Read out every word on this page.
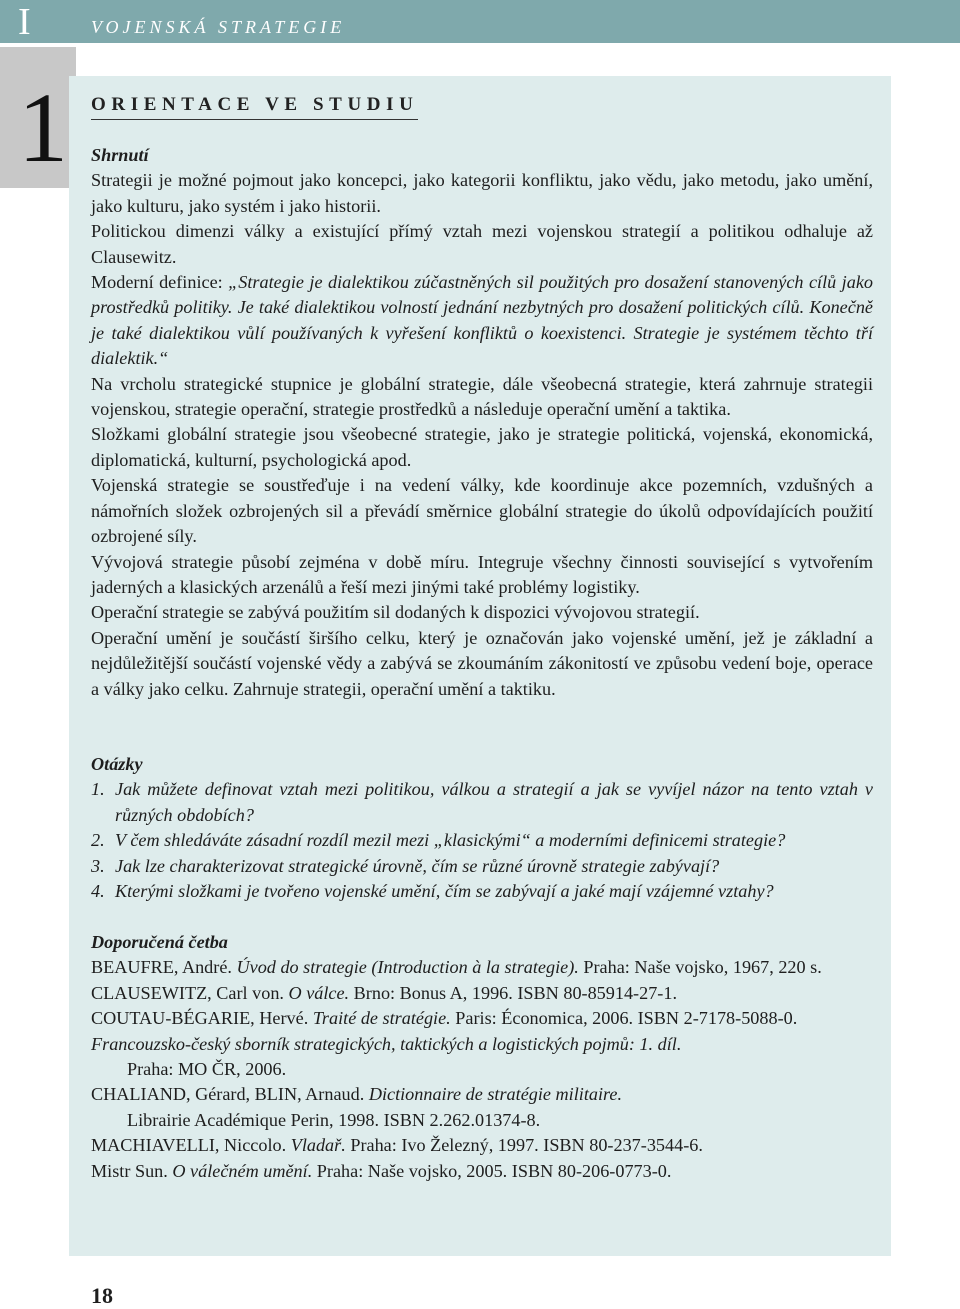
I	VOJENSKÁ STRATEGIE
1 ORIENTACE VE STUDIU

Shrnutí

Strategii je možné pojmout jako koncepci, jako kategorii konfliktu, jako vědu, jako metodu, jako umění, jako kulturu, jako systém i jako historii.

Politickou dimenzi války a existující přímý vztah mezi vojenskou strategií a politikou odhaluje až Clausewitz.

Moderní definice: „Strategie je dialektikou zúčastněných sil použitých pro dosažení stanovených cílů jako prostředků politiky. Je také dialektikou volností jednání nezbytných pro dosažení politických cílů. Konečně je také dialektikou vůlí používaných k vyřešení konfliktů o koexistenci. Strategie je systémem těchto tří dialektik.“

Na vrcholu strategické stupnice je globální strategie, dále všeobecná strategie, která zahrnuje strategii vojenskou, strategie operační, strategie prostředků a následuje operační umění a taktika.

Složkami globální strategie jsou všeobecné strategie, jako je strategie politická, vojenská, ekonomická, diplomatická, kulturní, psychologická apod.

Vojenská strategie se soustřeďuje i na vedení války, kde koordinuje akce pozemních, vzdušných a námořních složek ozbrojených sil a převádí směrnice globální strategie do úkolů odpovídajících použití ozbrojené síly.

Vývojová strategie působí zejména v době míru. Integruje všechny činnosti související s vytvořením jaderných a klasických arzenálů a řeší mezi jinými také problémy logistiky.

Operační strategie se zabývá použitím sil dodaných k dispozici vývojovou strategií.

Operační umění je součástí širšího celku, který je označován jako vojenské umění, jež je základní a nejdůležitější součástí vojenské vědy a zabývá se zkoumáním zákonitostí ve způsobu vedení boje, operace a války jako celku. Zahrnuje strategii, operační umění a taktiku.

Otázky

1. Jak můžete definovat vztah mezi politikou, válkou a strategií a jak se vyvíjel názor na tento vztah v různých obdobích?
2. V čem shledáváte zásadní rozdíl mezil mezi „klasickými“ a moderními definicemi strategie?
3. Jak lze charakterizovat strategické úrovně, čím se různé úrovně strategie zabývají?
4. Kterými složkami je tvořeno vojenské umění, čím se zabývají a jaké mají vzájemné vztahy?

Doporučená četba

BEAUFRE, André. Úvod do strategie (Introduction à la strategie). Praha: Naše vojsko, 1967, 220 s.

CLAUSEWITZ, Carl von. O válce. Brno: Bonus A, 1996. ISBN 80-85914-27-1.

COUTAU-BÉGARIE, Hervé. Traité de stratégie. Paris: Économica, 2006. ISBN 2-7178-5088-0.

Francouzsko-český sborník strategických, taktických a logistických pojmů: 1. díl.
Praha: MO ČR, 2006.

CHALIAND, Gérard, BLIN, Arnaud. Dictionnaire de stratégie militaire.
Librairie Académique Perin, 1998. ISBN 2.262.01374-8.

MACHIAVELLI, Niccolo. Vladař. Praha: Ivo Železný, 1997. ISBN 80-237-3544-6.

Mistr Sun. O válečném umění. Praha: Naše vojsko, 2005. ISBN 80-206-0773-0.

18
